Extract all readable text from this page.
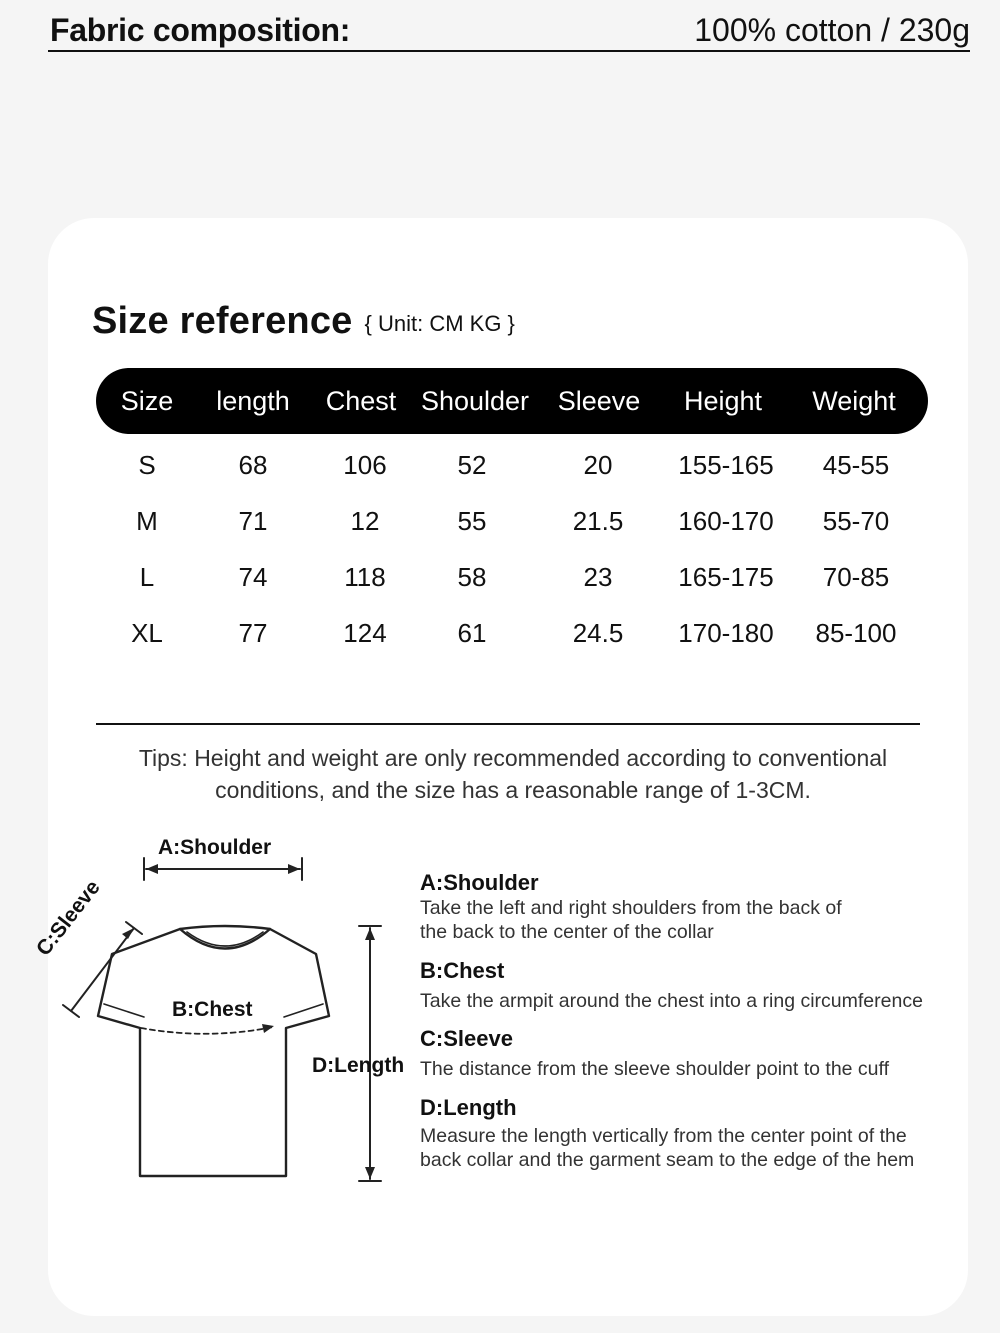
Fabric composition:	100% cotton / 230g
Size reference { Unit: CM KG }
Size length Chest Shoulder Sleeve Height Weight
S	68	106	52	20	155-165 45-55
M	71	12	55	21.5 160-170 55-70
L	74	118	58	23	165-175 70-85
XL	77	124	61	24.5 170-180 85-100
Tips: Height and weight are only recommended according to conventional
conditions, and the size has a reasonable range of 1-3CM.
A:Shoulder
C:Sleeve
B:Chest
D:Length
A:Shoulder
Take the left and right shoulders from the back of
the back to the center of the collar
B:Chest
Take the armpit around the chest into a ring circumference
C:Sleeve
The distance from the sleeve shoulder point to the cuff
D:Length
Measure the length vertically from the center point of the
back collar and the garment seam to the edge of the hem
